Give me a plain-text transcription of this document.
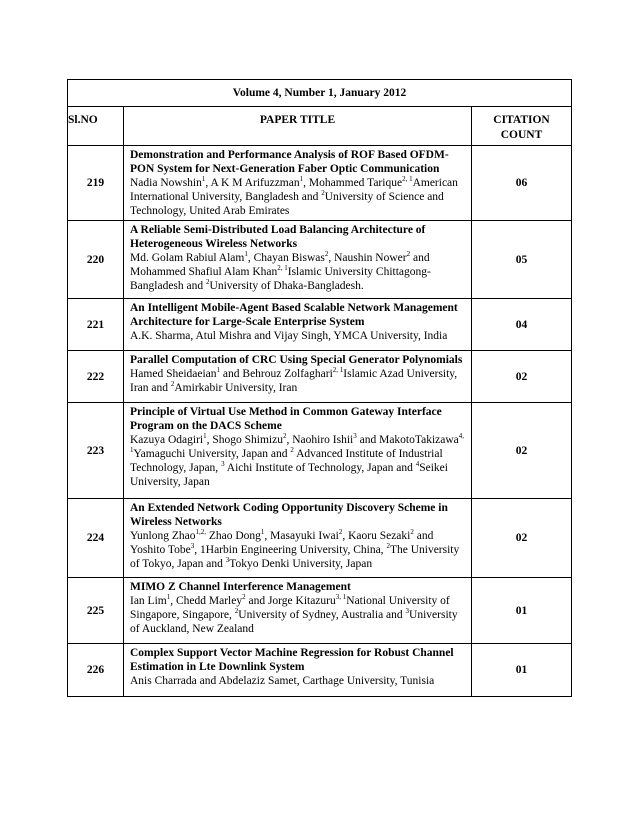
Volume 4, Number 1, January 2012		
Sl.NO	PAPER TITLE	CITATION
COUNT

219	Demonstration and Performance Analysis of ROF Based OFDM-PON System for Next-Generation Faber Optic Communication
Nadia Nowshin$^1$, A K M Arifuzzman$^1$, Mohammed Tarique$^{2, 1}$American International University, Bangladesh and $^2$University of Science and Technology, United Arab Emirates	06
220	A Reliable Semi-Distributed Load Balancing Architecture of Heterogeneous Wireless Networks
Md. Golam Rabiul Alam$^1$, Chayan Biswas$^2$, Naushin Nower$^2$ and Mohammed Shafiul Alam Khan$^{2, 1}$Islamic University Chittagong-Bangladesh and $^2$University of Dhaka-Bangladesh.	05
221	An Intelligent Mobile-Agent Based Scalable Network Management Architecture for Large-Scale Enterprise System
A.K. Sharma, Atul Mishra and Vijay Singh, YMCA University, India	04
222	Parallel Computation of CRC Using Special Generator Polynomials
Hamed Sheidaeian$^1$ and Behrouz Zolfaghari$^{2, 1}$Islamic Azad University, Iran and $^2$Amirkabir University, Iran	02
223	Principle of Virtual Use Method in Common Gateway Interface Program on the DACS Scheme
Kazuya Odagiri$^1$, Shogo Shimizu$^2$, Naohiro Ishii$^3$ and MakotoTakizawa$^{4, 1}$Yamaguchi University, Japan and $^2$ Advanced Institute of Industrial Technology, Japan, $^3$ Aichi Institute of Technology, Japan and $^4$Seikei University, Japan	02
224	An Extended Network Coding Opportunity Discovery Scheme in Wireless Networks
Yunlong Zhao$^{1,2,}$ Zhao Dong$^1$, Masayuki Iwai$^2$, Kaoru Sezaki$^2$ and Yoshito Tobe$^3$, 1Harbin Engineering University, China, $^2$The University of Tokyo, Japan and $^3$Tokyo Denki University, Japan	02
225	MIMO Z Channel Interference Management
Ian Lim$^1$, Chedd Marley$^2$ and Jorge Kitazuru$^{3, 1}$National University of Singapore, Singapore, $^2$University of Sydney, Australia and $^3$University of Auckland, New Zealand	01
226	Complex Support Vector Machine Regression for Robust Channel Estimation in Lte Downlink System
Anis Charrada and Abdelaziz Samet, Carthage University, Tunisia	01
